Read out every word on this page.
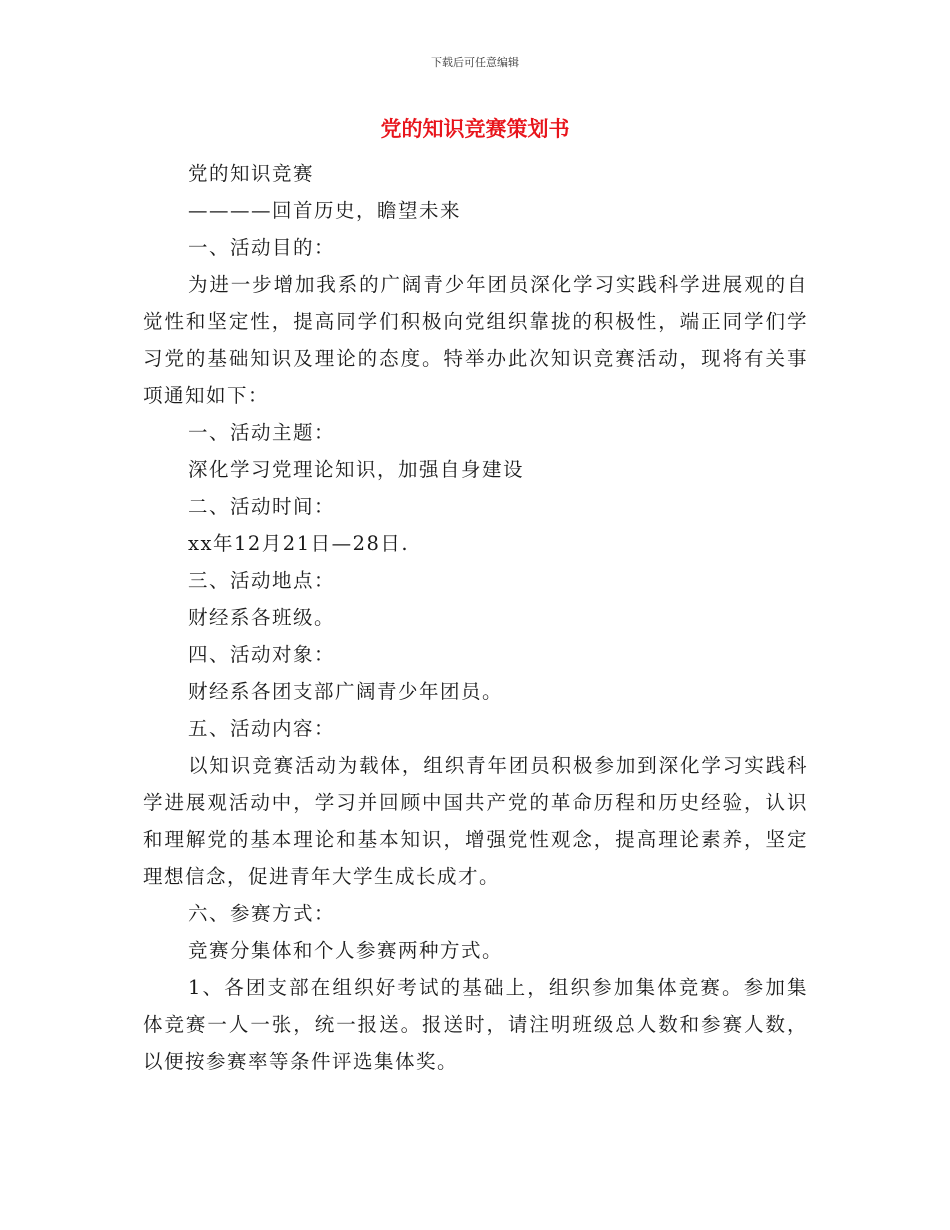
下载后可任意编辑
党的知识竞赛策划书

党的知识竞赛

————回首历史，瞻望未来

一、活动目的：

为进一步增加我系的广阔青少年团员深化学习实践科学进展观的自觉性和坚定性，提高同学们积极向党组织靠拢的积极性，端正同学们学习党的基础知识及理论的态度。特举办此次知识竞赛活动，现将有关事项通知如下：

一、活动主题：

深化学习党理论知识，加强自身建设

二、活动时间：

xx年12月21日—28日.

三、活动地点：

财经系各班级。

四、活动对象：

财经系各团支部广阔青少年团员。

五、活动内容：

以知识竞赛活动为载体，组织青年团员积极参加到深化学习实践科学进展观活动中，学习并回顾中国共产党的革命历程和历史经验，认识和理解党的基本理论和基本知识，增强党性观念，提高理论素养，坚定理想信念，促进青年大学生成长成才。

六、参赛方式：

竞赛分集体和个人参赛两种方式。

1、各团支部在组织好考试的基础上，组织参加集体竞赛。参加集体竞赛一人一张，统一报送。报送时，请注明班级总人数和参赛人数，以便按参赛率等条件评选集体奖。
